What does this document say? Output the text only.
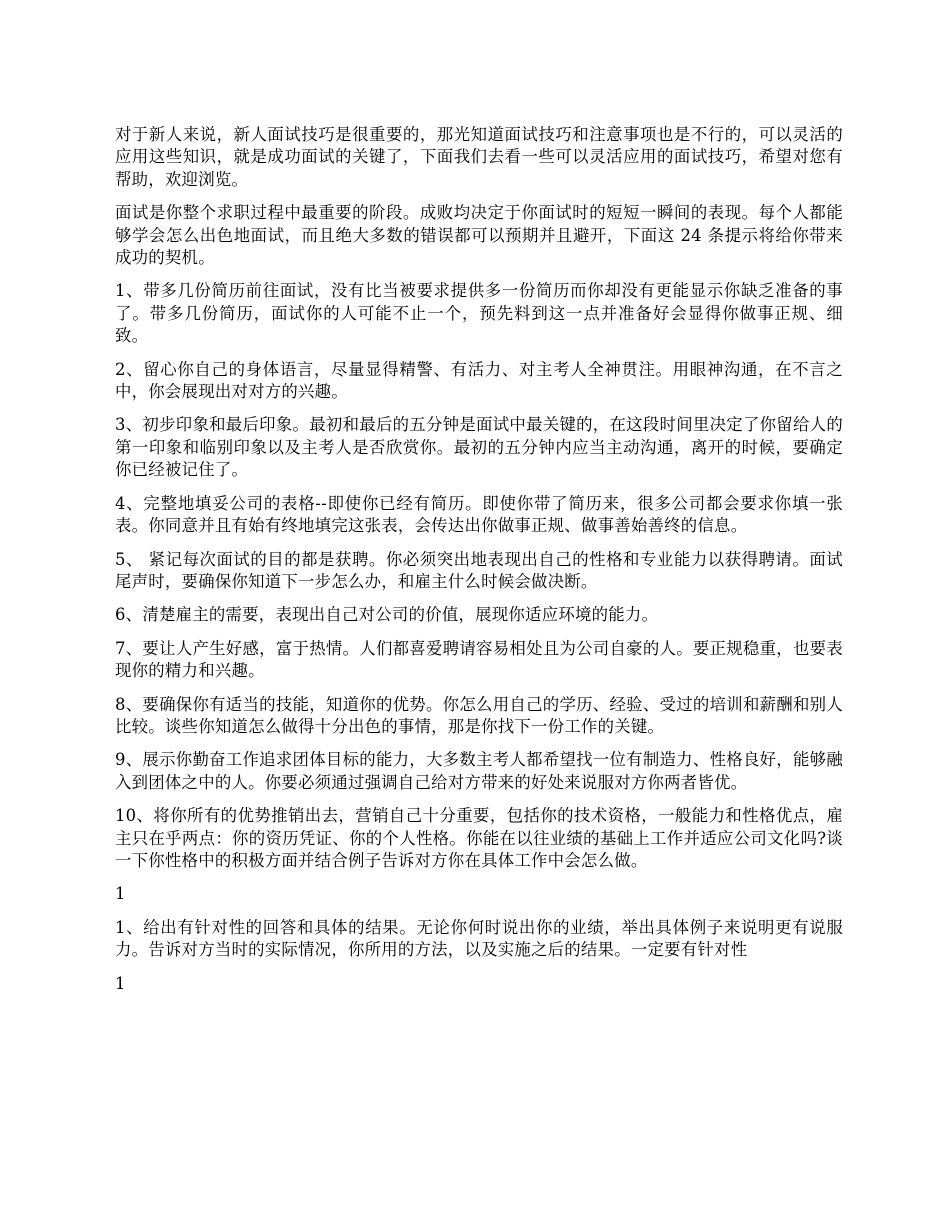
对于新人来说，新人面试技巧是很重要的，那光知道面试技巧和注意事项也是不行的，可以灵活的应用这些知识，就是成功面试的关键了，下面我们去看一些可以灵活应用的面试技巧，希望对您有帮助，欢迎浏览。

面试是你整个求职过程中最重要的阶段。成败均决定于你面试时的短短一瞬间的表现。每个人都能够学会怎么出色地面试，而且绝大多数的错误都可以预期并且避开，下面这 24 条提示将给你带来成功的契机。

1、带多几份简历前往面试，没有比当被要求提供多一份简历而你却没有更能显示你缺乏准备的事了。带多几份简历，面试你的人可能不止一个，预先料到这一点并准备好会显得你做事正规、细致。

2、留心你自己的身体语言，尽量显得精警、有活力、对主考人全神贯注。用眼神沟通，在不言之中，你会展现出对对方的兴趣。

3、初步印象和最后印象。最初和最后的五分钟是面试中最关键的，在这段时间里决定了你留给人的第一印象和临别印象以及主考人是否欣赏你。最初的五分钟内应当主动沟通，离开的时候，要确定你已经被记住了。

4、完整地填妥公司的表格--即使你已经有简历。即使你带了简历来，很多公司都会要求你填一张表。你同意并且有始有终地填完这张表，会传达出你做事正规、做事善始善终的信息。

5、 紧记每次面试的目的都是获聘。你必须突出地表现出自己的性格和专业能力以获得聘请。面试尾声时，要确保你知道下一步怎么办，和雇主什么时候会做决断。

6、清楚雇主的需要，表现出自己对公司的价值，展现你适应环境的能力。

7、要让人产生好感，富于热情。人们都喜爱聘请容易相处且为公司自豪的人。要正规稳重，也要表现你的精力和兴趣。

8、要确保你有适当的技能，知道你的优势。你怎么用自己的学历、经验、受过的培训和薪酬和别人比较。谈些你知道怎么做得十分出色的事情，那是你找下一份工作的关键。

9、展示你勤奋工作追求团体目标的能力，大多数主考人都希望找一位有制造力、性格良好，能够融入到团体之中的人。你要必须通过强调自己给对方带来的好处来说服对方你两者皆优。

10、将你所有的优势推销出去，营销自己十分重要，包括你的技术资格，一般能力和性格优点，雇主只在乎两点：你的资历凭证、你的个人性格。你能在以往业绩的基础上工作并适应公司文化吗?谈一下你性格中的积极方面并结合例子告诉对方你在具体工作中会怎么做。

1

1、给出有针对性的回答和具体的结果。无论你何时说出你的业绩，举出具体例子来说明更有说服力。告诉对方当时的实际情况，你所用的方法，以及实施之后的结果。一定要有针对性

1
